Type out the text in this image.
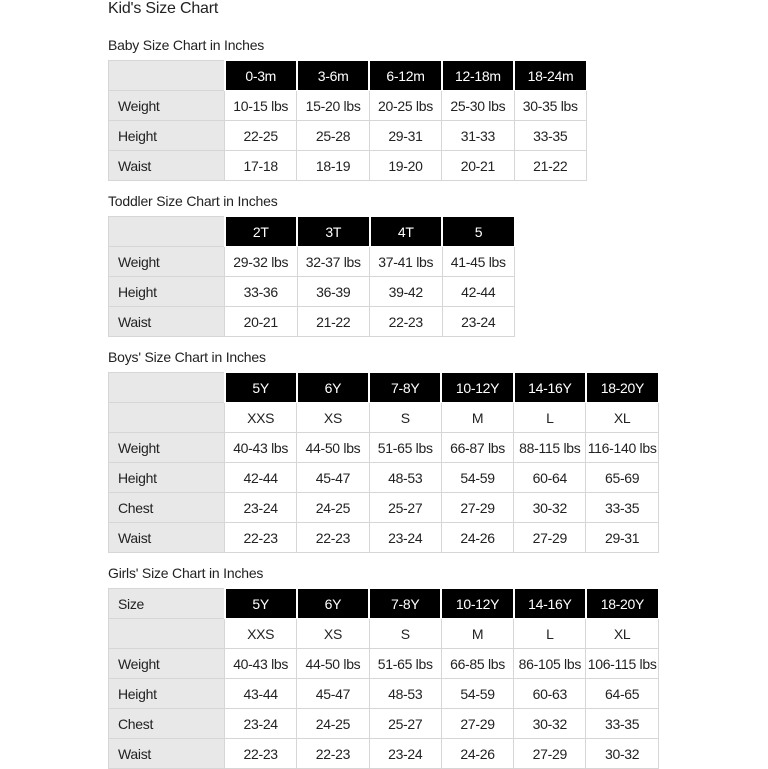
Kid's Size Chart
Baby Size Chart in Inches
	0-3m	3-6m	6-12m	12-18m	18-24m
Weight	10-15 lbs	15-20 lbs	20-25 lbs	25-30 lbs	30-35 lbs
Height	22-25	25-28	29-31	31-33	33-35
Waist	17-18	18-19	19-20	20-21	21-22
Toddler Size Chart in Inches
	2T	3T	4T	5
Weight	29-32 lbs	32-37 lbs	37-41 lbs	41-45 lbs
Height	33-36	36-39	39-42	42-44
Waist	20-21	21-22	22-23	23-24
Boys' Size Chart in Inches
	5Y	6Y	7-8Y	10-12Y	14-16Y	18-20Y
	XXS	XS	S	M	L	XL
Weight	40-43 lbs	44-50 lbs	51-65 lbs	66-87 lbs	88-115 lbs	116-140 lbs
Height	42-44	45-47	48-53	54-59	60-64	65-69
Chest	23-24	24-25	25-27	27-29	30-32	33-35
Waist	22-23	22-23	23-24	24-26	27-29	29-31
Girls' Size Chart in Inches
Size	5Y	6Y	7-8Y	10-12Y	14-16Y	18-20Y
	XXS	XS	S	M	L	XL
Weight	40-43 lbs	44-50 lbs	51-65 lbs	66-85 lbs	86-105 lbs	106-115 lbs
Height	43-44	45-47	48-53	54-59	60-63	64-65
Chest	23-24	24-25	25-27	27-29	30-32	33-35
Waist	22-23	22-23	23-24	24-26	27-29	30-32
